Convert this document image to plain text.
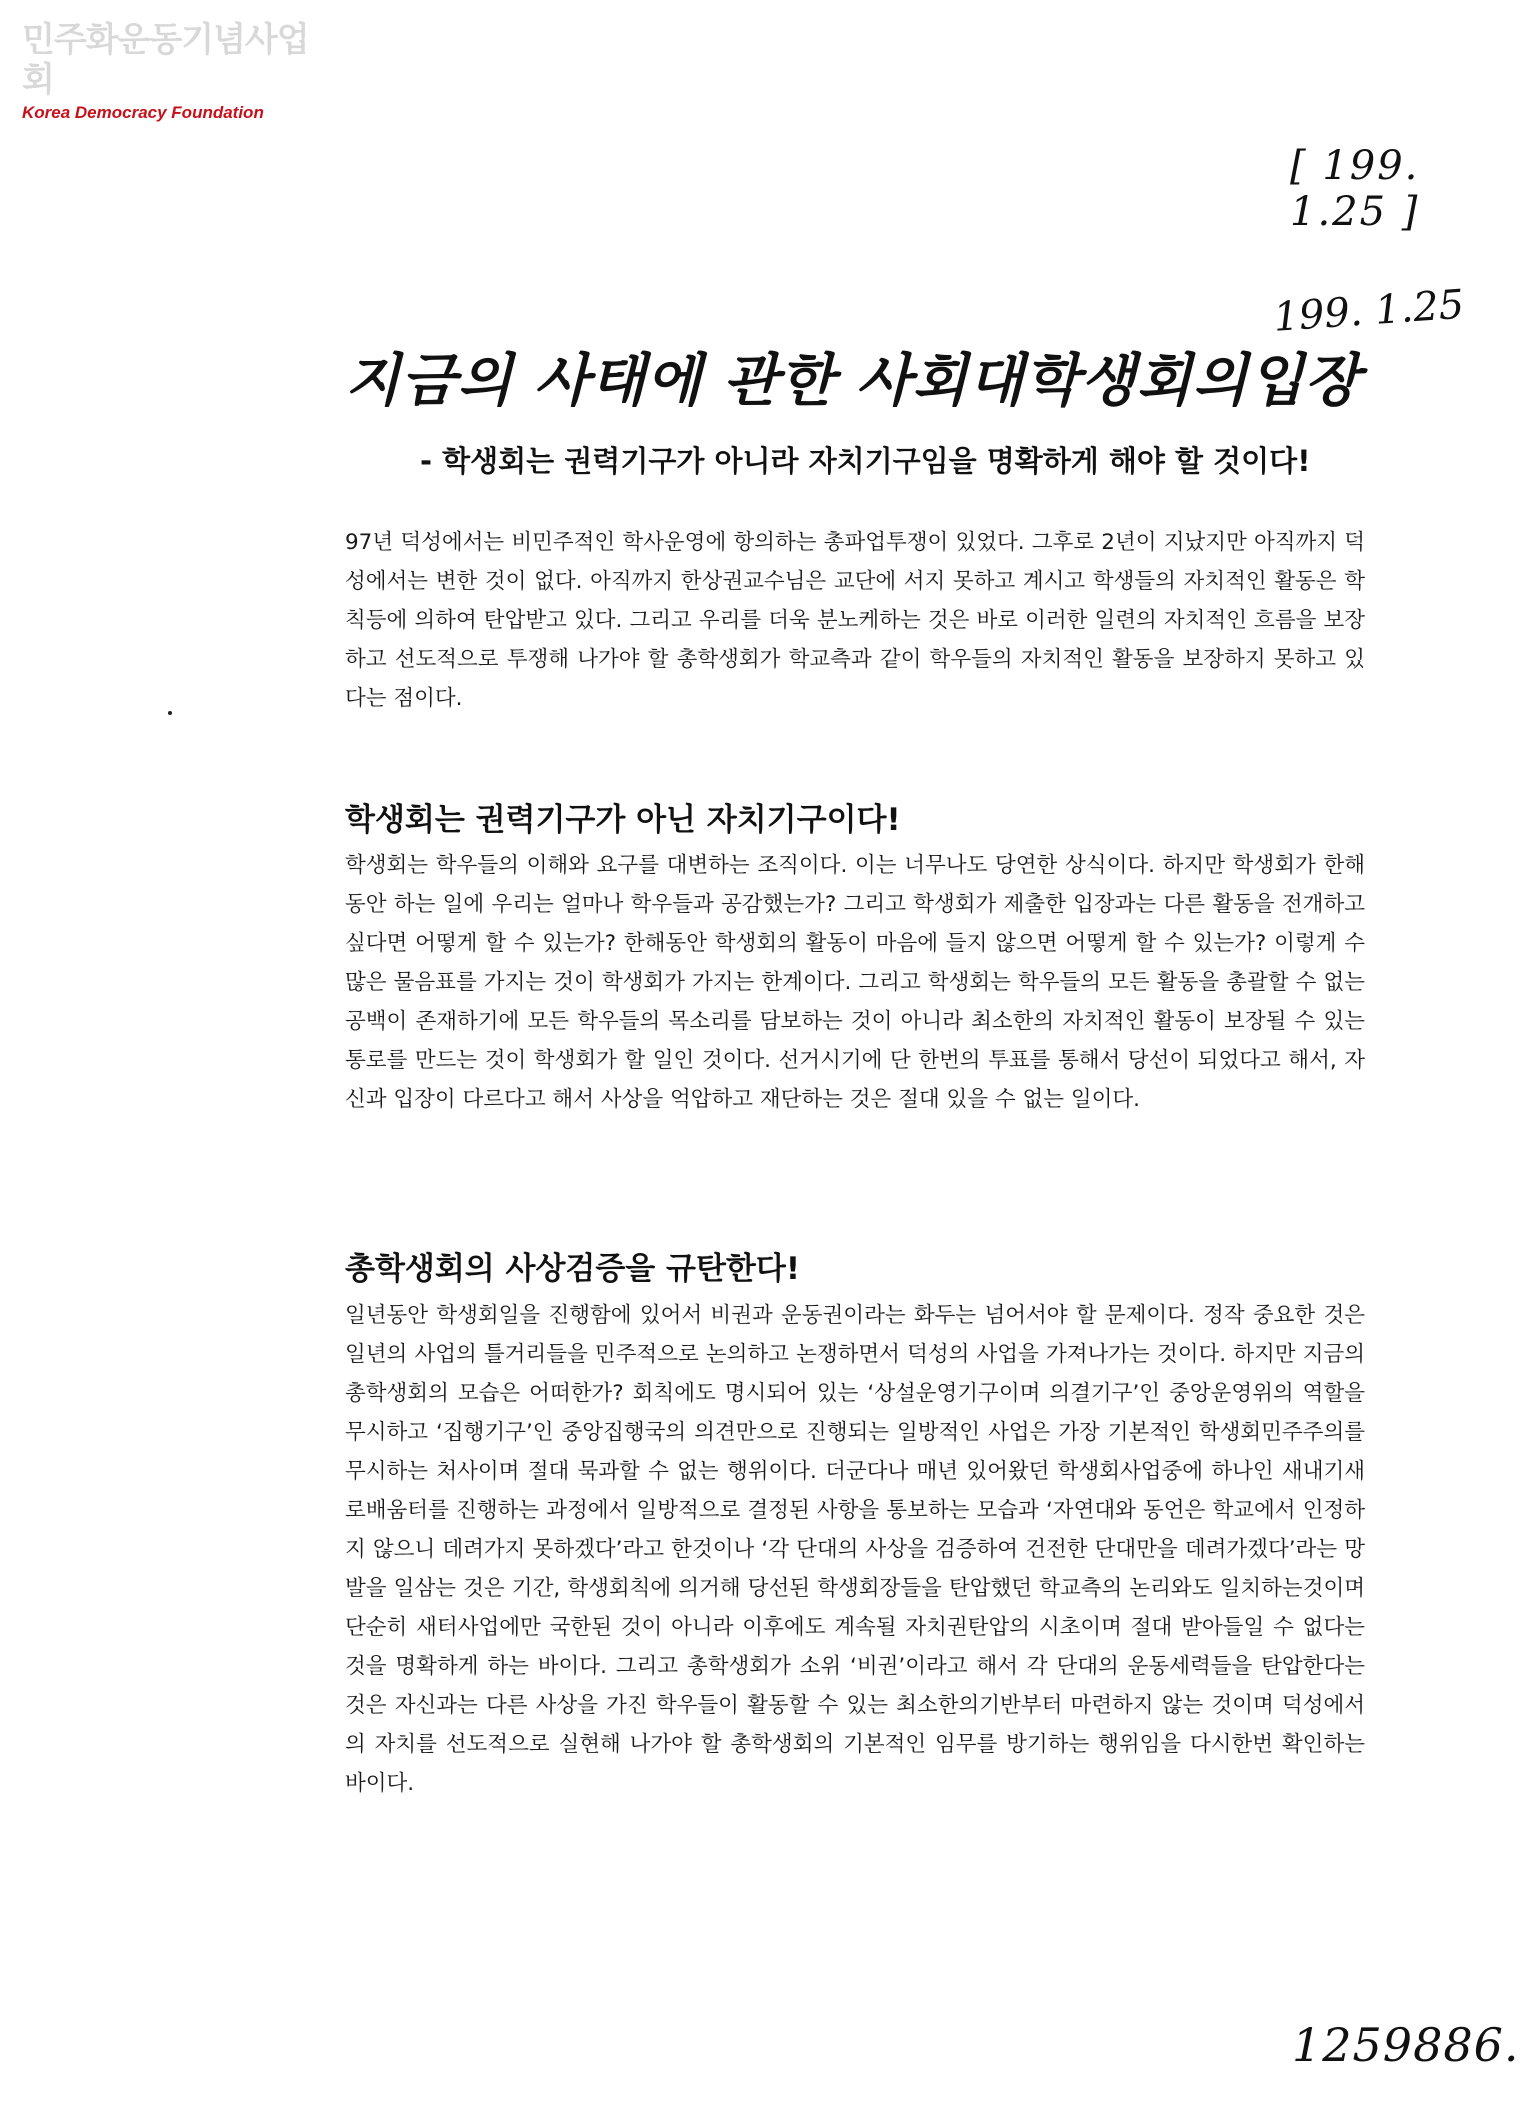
민주화운동기념사업회
Korea Democracy Foundation
[ 199. 1.25 ]
199. 1.25
지금의 사태에 관한 사회대학생회의입장
- 학생회는 권력기구가 아니라 자치기구임을 명확하게 해야 할 것이다!
97년 덕성에서는 비민주적인 학사운영에 항의하는 총파업투쟁이 있었다. 그후로 2년이 지났지만 아직까지 덕성에서는 변한 것이 없다. 아직까지 한상권교수님은 교단에 서지 못하고 계시고 학생들의 자치적인 활동은 학칙등에 의하여 탄압받고 있다. 그리고 우리를 더욱 분노케하는 것은 바로 이러한 일련의 자치적인 흐름을 보장하고 선도적으로 투쟁해 나가야 할 총학생회가 학교측과 같이 학우들의 자치적인 활동을 보장하지 못하고 있다는 점이다.
학생회는 권력기구가 아닌 자치기구이다!
학생회는 학우들의 이해와 요구를 대변하는 조직이다. 이는 너무나도 당연한 상식이다. 하지만 학생회가 한해동안 하는 일에 우리는 얼마나 학우들과 공감했는가? 그리고 학생회가 제출한 입장과는 다른 활동을 전개하고 싶다면 어떻게 할 수 있는가? 한해동안 학생회의 활동이 마음에 들지 않으면 어떻게 할 수 있는가? 이렇게 수많은 물음표를 가지는 것이 학생회가 가지는 한계이다. 그리고 학생회는 학우들의 모든 활동을 총괄할 수 없는 공백이 존재하기에 모든 학우들의 목소리를 담보하는 것이 아니라 최소한의 자치적인 활동이 보장될 수 있는 통로를 만드는 것이 학생회가 할 일인 것이다. 선거시기에 단 한번의 투표를 통해서 당선이 되었다고 해서, 자신과 입장이 다르다고 해서 사상을 억압하고 재단하는 것은 절대 있을 수 없는 일이다.
총학생회의 사상검증을 규탄한다!
일년동안 학생회일을 진행함에 있어서 비권과 운동권이라는 화두는 넘어서야 할 문제이다. 정작 중요한 것은 일년의 사업의 틀거리들을 민주적으로 논의하고 논쟁하면서 덕성의 사업을 가져나가는 것이다. 하지만 지금의 총학생회의 모습은 어떠한가? 회칙에도 명시되어 있는 ‘상설운영기구이며 의결기구’인 중앙운영위의 역할을 무시하고 ‘집행기구’인 중앙집행국의 의견만으로 진행되는 일방적인 사업은 가장 기본적인 학생회민주주의를 무시하는 처사이며 절대 묵과할 수 없는 행위이다. 더군다나 매년 있어왔던 학생회사업중에 하나인 새내기새로배움터를 진행하는 과정에서 일방적으로 결정된 사항을 통보하는 모습과 ‘자연대와 동언은 학교에서 인정하지 않으니 데려가지 못하겠다’라고 한것이나 ‘각 단대의 사상을 검증하여 건전한 단대만을 데려가겠다’라는 망발을 일삼는 것은 기간, 학생회칙에 의거해 당선된 학생회장들을 탄압했던 학교측의 논리와도 일치하는것이며 단순히 새터사업에만 국한된 것이 아니라 이후에도 계속될 자치권탄압의 시초이며 절대 받아들일 수 없다는 것을 명확하게 하는 바이다. 그리고 총학생회가 소위 ‘비권’이라고 해서 각 단대의 운동세력들을 탄압한다는 것은 자신과는 다른 사상을 가진 학우들이 활동할 수 있는 최소한의기반부터 마련하지 않는 것이며 덕성에서의 자치를 선도적으로 실현해 나가야 할 총학생회의 기본적인 임무를 방기하는 행위임을 다시한번 확인하는 바이다.
1259886.
